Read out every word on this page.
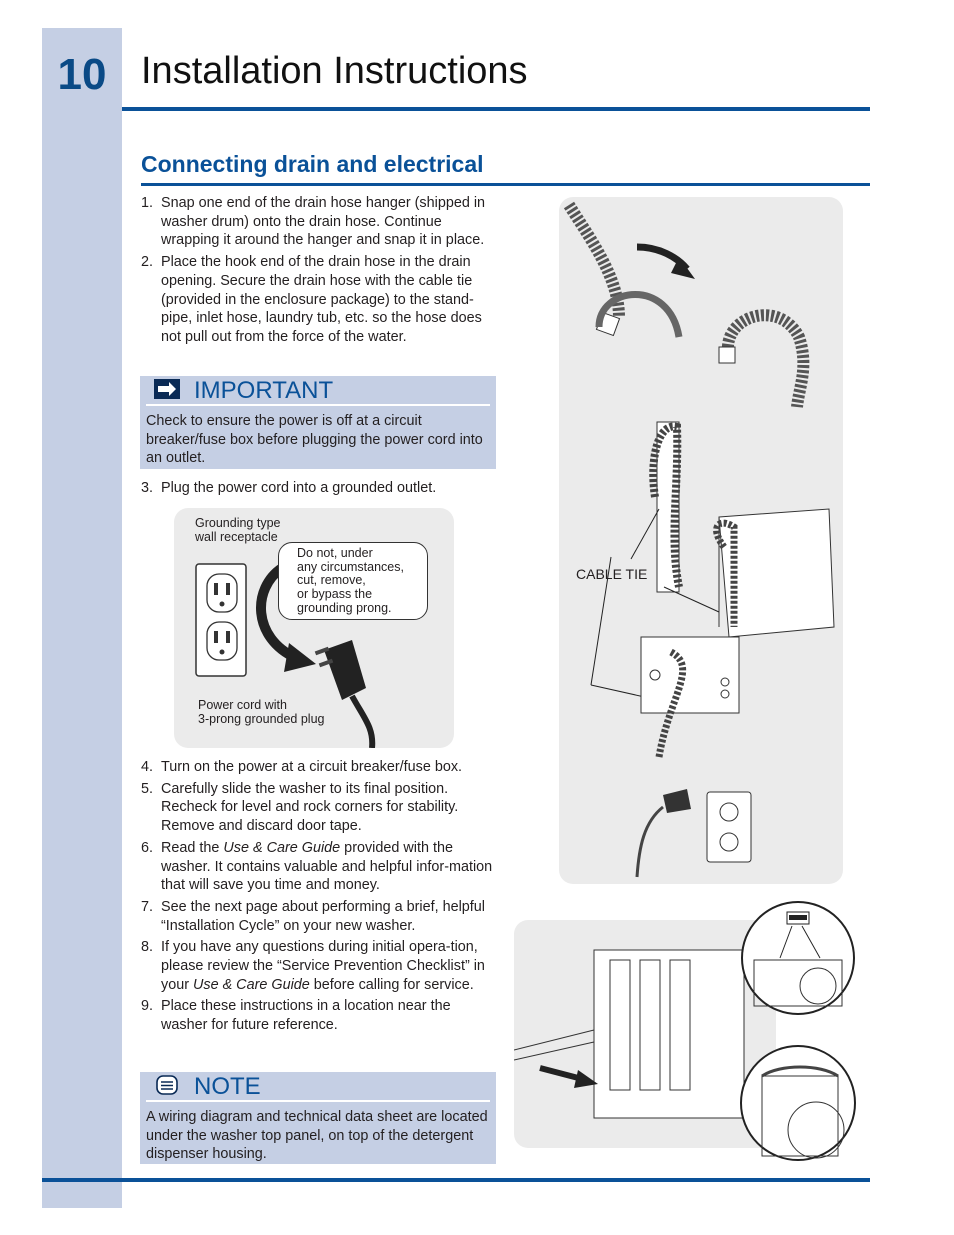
10 Installation Instructions
Connecting drain and electrical
1. Snap one end of the drain hose hanger (shipped in washer drum) onto the drain hose. Continue wrapping it around the hanger and snap it in place.
2. Place the hook end of the drain hose in the drain opening. Secure the drain hose with the cable tie (provided in the enclosure package) to the stand-pipe, inlet hose, laundry tub, etc. so the hose does not pull out from the force of the water.
IMPORTANT
Check to ensure the power is off at a circuit breaker/fuse box before plugging the power cord into an outlet.
3. Plug the power cord into a grounded outlet.
Grounding type
wall receptacle
Do not, under
any circumstances,
cut, remove,
or bypass the
grounding prong.
Power cord with
3-prong grounded plug
4. Turn on the power at a circuit breaker/fuse box.
5. Carefully slide the washer to its final position. Recheck for level and rock corners for stability. Remove and discard door tape.
6. Read the Use & Care Guide provided with the washer. It contains valuable and helpful infor-mation that will save you time and money.
7. See the next page about performing a brief, helpful “Installation Cycle” on your new washer.
8. If you have any questions during initial opera-tion, please review the “Service Prevention Checklist” in your Use & Care Guide before calling for service.
9. Place these instructions in a location near the washer for future reference.
NOTE
A wiring diagram and technical data sheet are located under the washer top panel, on top of the detergent dispenser housing.
CABLE TIE
